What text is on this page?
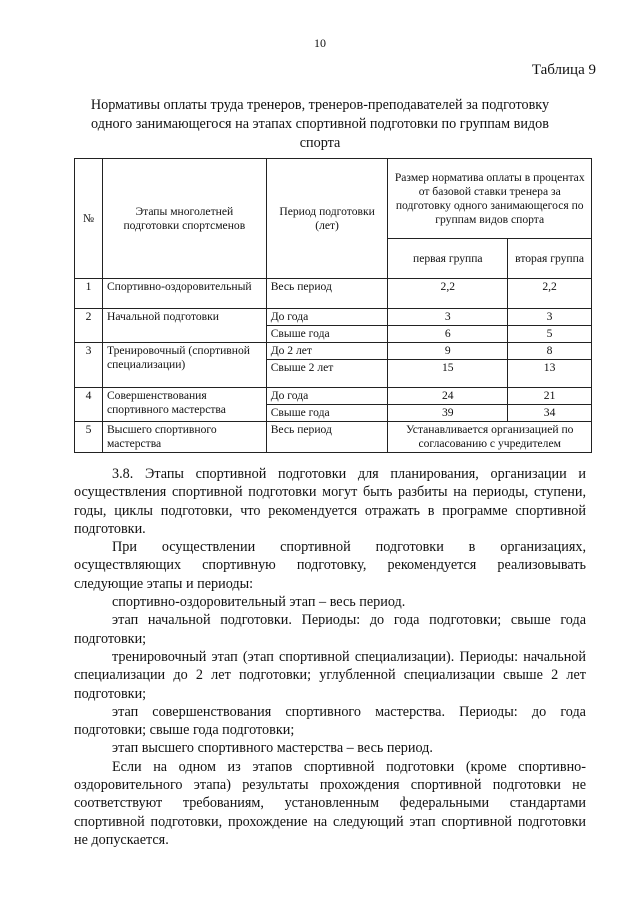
10
Таблица 9
Нормативы оплаты труда тренеров, тренеров-преподавателей за подготовку одного занимающегося на этапах спортивной подготовки по группам видов спорта
№	Этапы многолетней подготовки спортсменов	Период подготовки (лет)	Размер норматива оплаты в процентах от базовой ставки тренера за подготовку одного занимающегося по группам видов спорта	
			первая группа	вторая группа
1	Спортивно-оздоровительный	Весь период	2,2	2,2
2	Начальной подготовки	До года	3	3
		Свыше года	6	5
3	Тренировочный (спортивной специализации)	До 2 лет	9	8
		Свыше 2 лет	15	13
4	Совершенствования спортивного мастерства	До года	24	21
		Свыше года	39	34
5	Высшего спортивного мастерства	Весь период	Устанавливается организацией по согласованию с учредителем	

3.8. Этапы спортивной подготовки для планирования, организации и осуществления спортивной подготовки могут быть разбиты на периоды, ступени, годы, циклы подготовки, что рекомендуется отражать в программе спортивной подготовки.

При осуществлении спортивной подготовки в организациях, осуществляющих спортивную подготовку, рекомендуется реализовывать следующие этапы и периоды:

спортивно-оздоровительный этап – весь период.

этап начальной подготовки. Периоды: до года подготовки; свыше года подготовки;

тренировочный этап (этап спортивной специализации). Периоды: начальной специализации до 2 лет подготовки; углубленной специализации свыше 2 лет подготовки;

этап совершенствования спортивного мастерства. Периоды: до года подготовки; свыше года подготовки;

этап высшего спортивного мастерства – весь период.

Если на одном из этапов спортивной подготовки (кроме спортивно-оздоровительного этапа) результаты прохождения спортивной подготовки не соответствуют требованиям, установленным федеральными стандартами спортивной подготовки, прохождение на следующий этап спортивной подготовки не допускается.
